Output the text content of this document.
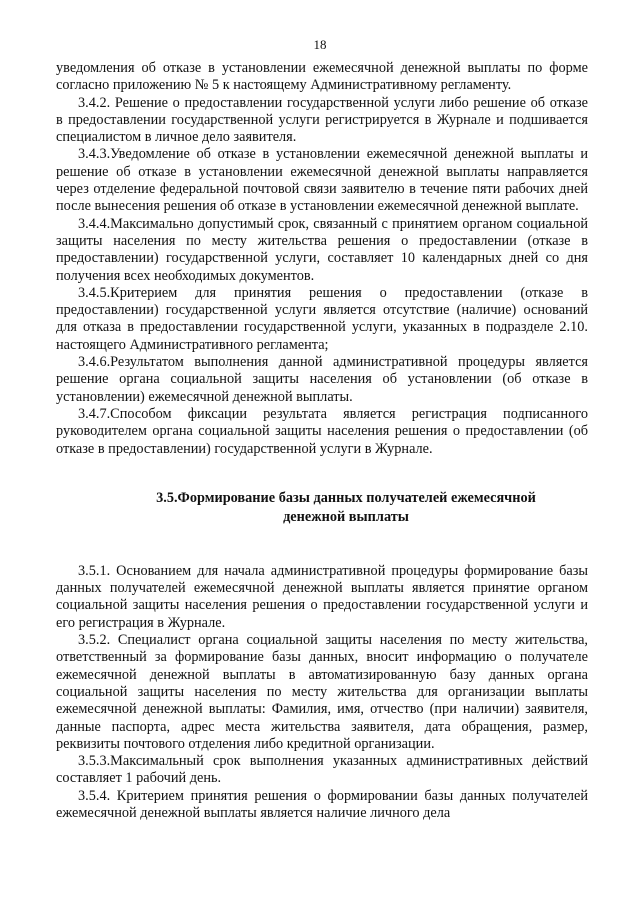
18

уведомления об отказе в установлении ежемесячной денежной выплаты по форме согласно приложению № 5 к настоящему Административному регламенту.

3.4.2. Решение о предоставлении государственной услуги либо решение об отказе в предоставлении государственной услуги регистрируется в Журнале и подшивается специалистом в личное дело заявителя.

3.4.3.Уведомление об отказе в установлении ежемесячной денежной выплаты и решение об отказе в установлении ежемесячной денежной выплаты направляется через отделение федеральной почтовой связи заявителю в течение пяти рабочих дней после вынесения решения об отказе в установлении ежемесячной денежной выплате.

3.4.4.Максимально допустимый срок, связанный с принятием органом социальной защиты населения по месту жительства решения о предоставлении (отказе в предоставлении) государственной услуги, составляет 10 календарных дней со дня получения всех необходимых документов.

3.4.5.Критерием для принятия решения о предоставлении (отказе в предоставлении) государственной услуги является отсутствие (наличие) оснований для отказа в предоставлении государственной услуги, указанных в подразделе 2.10. настоящего Административного регламента;

3.4.6.Результатом выполнения данной административной процедуры является решение органа социальной защиты населения об установлении (об отказе в установлении) ежемесячной денежной выплаты.

3.4.7.Способом фиксации результата является регистрация подписанного руководителем органа социальной защиты населения решения о предоставлении (об отказе в предоставлении) государственной услуги в Журнале.

3.5.Формирование базы данных получателей ежемесячной

денежной выплаты

3.5.1. Основанием для начала административной процедуры формирование базы данных получателей ежемесячной денежной выплаты является принятие органом социальной защиты населения решения о предоставлении государственной услуги и его регистрация в Журнале.

3.5.2. Специалист органа социальной защиты населения по месту жительства, ответственный за формирование базы данных, вносит информацию о получателе ежемесячной денежной выплаты в автоматизированную базу данных органа социальной защиты населения по месту жительства для организации выплаты ежемесячной денежной выплаты: Фамилия, имя, отчество (при наличии) заявителя, данные паспорта, адрес места жительства заявителя, дата обращения, размер, реквизиты почтового отделения либо кредитной организации.

3.5.3.Максимальный срок выполнения указанных административных действий составляет 1 рабочий день.

3.5.4. Критерием принятия решения о формировании базы данных получателей ежемесячной денежной выплаты является наличие личного дела
